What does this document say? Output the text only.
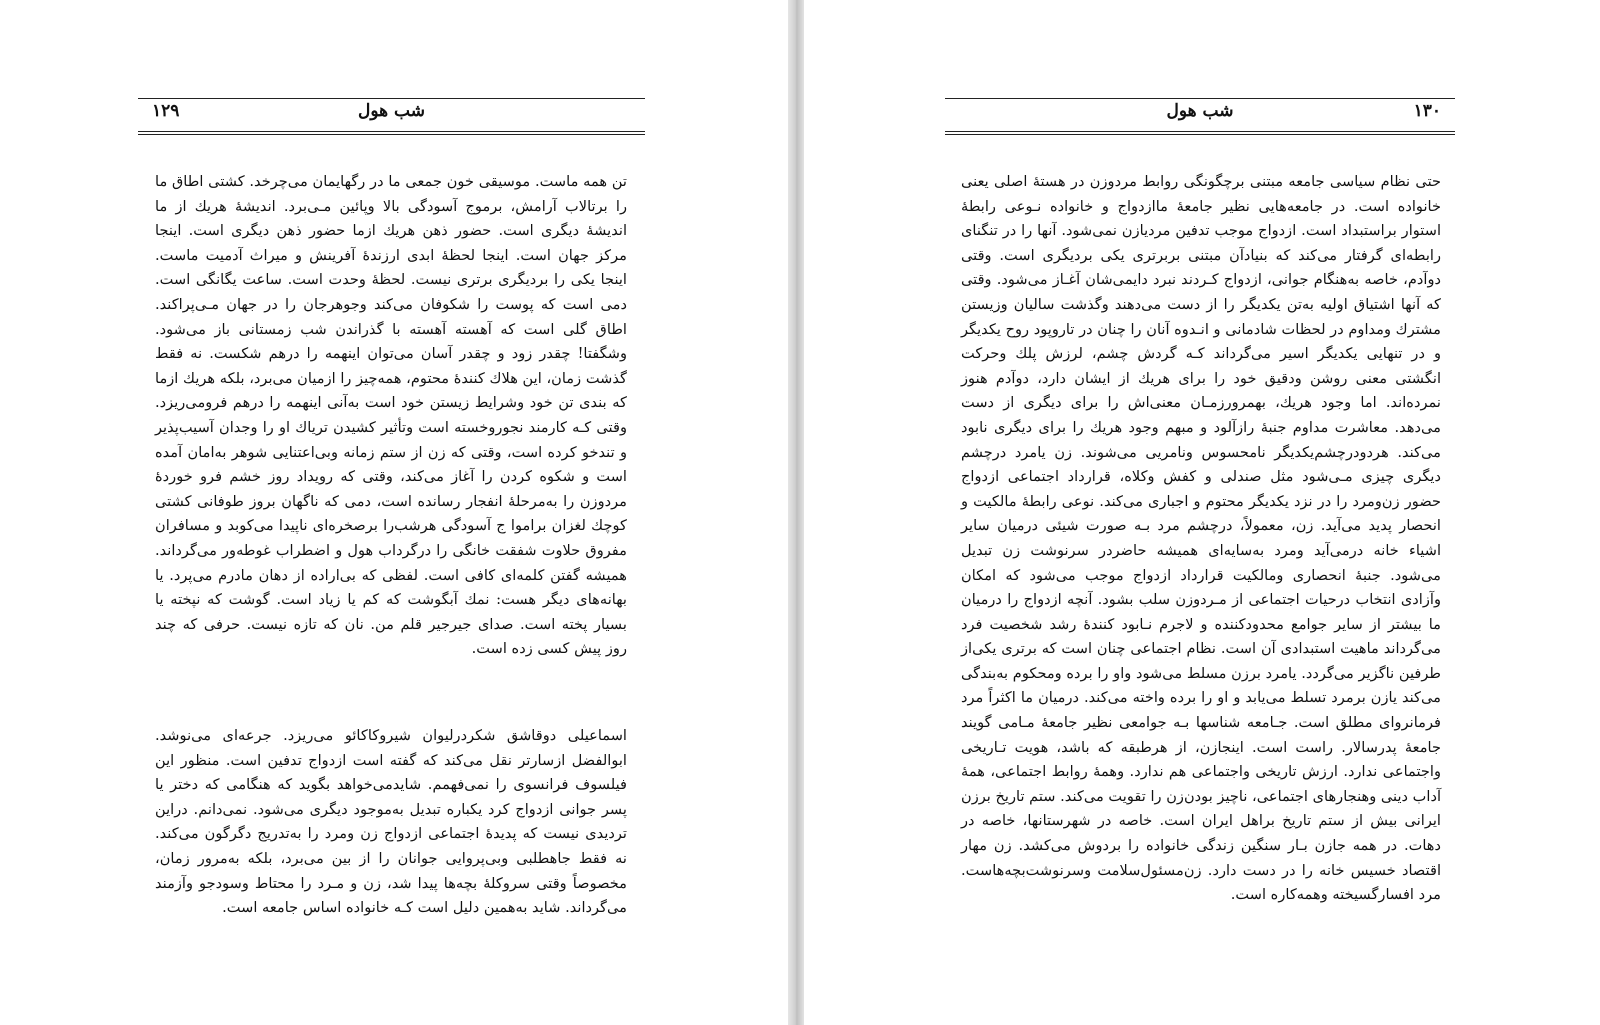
شب هول
۱۲۹

تن همه ماست. موسیقی خون جمعی ما در رگهایمان می‌چرخد. کشتی اطاق ما را برتالاب آرامش، برموج آسودگی بالا وپائین مـی‌برد. اندیشهٔ هریك از ما اندیشهٔ دیگری است. حضور ذهن هریك ازما حضور ذهن دیگری است. اینجا مرکز جهان است. اینجا لحظهٔ ابدی ارزندهٔ آفرینش و میراث آدمیت ماست. اینجا یکی را بردیگری برتری نیست. لحظهٔ وحدت است. ساعت یگانگی است. دمی است که پوست را شکوفان می‌کند وجوهرجان را در جهان مـی‌پراکند. اطاق گلی است که آهسته آهسته با گذراندن شب زمستانی باز می‌شود. وشگفتا! چقدر زود و چقدر آسان می‌توان اینهمه را درهم شکست. نه فقط گذشت زمان، این هلاك کنندهٔ محتوم، همه‌چیز را ازمیان می‌برد، بلکه هریك ازما که بندی تن خود وشرایط زیستن خود است به‌آنی اینهمه را درهم فرومی‌ریزد. وقتی کـه کارمند نجوروخسته است وتأثیر کشیدن تریاك او را وجدان آسیب‌پذیر و تندخو کرده است، وقتی که زن از ستم زمانه وبی‌اعتنایی شوهر به‌امان آمده است و شکوه کردن را آغاز می‌کند، وقتی که رویداد روز خشم فرو خوردهٔ مردوزن را به‌مرحلهٔ انفجار رسانده است، دمی که ناگهان بروز طوفانی کشتی کوچك لغزان براموا ج آسودگی هرشب‌را برصخره‌ای ناپیدا می‌کوبد و مسافران مفروق حلاوت شفقت خانگی را درگرداب هول و اضطراب غوطه‌ور می‌گرداند. همیشه گفتن کلمه‌ای کافی است. لفظی که بی‌اراده از دهان مادرم می‌پرد. یا بهانه‌های دیگر هست: نمك آبگوشت که کم یا زیاد است. گوشت که نپخته یا بسیار پخته است. صدای جیرجیر قلم من. نان که تازه نیست. حرفی که چند روز پیش کسی زده است.

اسماعیلی دوقاشق شکردرلیوان شیروکاکائو می‌ریزد. جرعه‌ای می‌نوشد. ابوالفضل ازسارتر نقل می‌کند که گفته است ازدواج تدفین است. منظور این فیلسوف فرانسوی را نمی‌فهمم. شایدمی‌خواهد بگوید که هنگامی که دختر یا پسر جوانی ازدواج کرد یکباره تبدیل به‌موجود دیگری می‌شود. نمی‌دانم. دراین تردیدی نیست که پدیدهٔ اجتماعی ازدواج زن ومرد را به‌تدریج دگرگون می‌کند. نه فقط جاهطلبی وبی‌پروایی جوانان را از بین می‌برد، بلکه به‌مرور زمان، مخصوصاً وقتی سروکلهٔ بچه‌ها پیدا شد، زن و مـرد را محتاط وسودجو وآزمند می‌گرداند. شاید به‌همین دلیل است کـه خانواده اساس جامعه است.

شب هول	۱۳۰

حتی نظام سیاسی جامعه مبتنی برچگونگی روابط مردوزن در هستهٔ اصلی یعنی خانواده است. در جامعه‌هایی نظیر جامعهٔ ماازدواج و خانواده نـوعی رابطهٔ استوار براستبداد است. ازدواج موجب تدفین مردیازن نمی‌شود. آنها را در تنگنای رابطه‌ای گرفتار می‌کند که بنیادآن مبتنی بربرتری یکی بردیگری است. وقتی دوآدم، خاصه به‌هنگام جوانی، ازدواج کـردند نبرد دایمی‌شان آغـاز می‌شود. وقتی که آنها اشتیاق اولیه به‌تن یکدیگر را از دست می‌دهند وگذشت سالیان وزیستن مشترك ومداوم در لحظات شادمانی و انـدوه آنان را چنان در تاروپود روح یکدیگر و در تنهایی یکدیگر اسیر می‌گرداند کـه گردش چشم، لرزش پلك وحرکت انگشتی معنی روشن ودقیق خود را برای هریك از ایشان دارد، دوآدم هنوز نمرده‌اند. اما وجود هریك، بهمرورزمـان معنی‌اش را برای دیگری از دست می‌دهد. معاشرت مداوم جنبهٔ رازآلود و مبهم وجود هریك را برای دیگری نابود می‌کند. هردودرچشم‌یکدیگر نامحسوس ونامریی می‌شوند. زن یامرد درچشم دیگری چیزی مـی‌شود مثل صندلی و کفش وکلاه، قرارداد اجتماعی ازدواج حضور زن‌ومرد را در نزد یکدیگر محتوم و اجباری می‌کند. نوعی رابطهٔ مالکیت و انحصار پدید می‌آید. زن، معمولاً، درچشم مرد بـه صورت شیئی درمیان سایر اشیاء خانه درمی‌آید ومرد به‌سایه‌ای همیشه حاضردر سرنوشت زن تبدیل می‌شود. جنبهٔ انحصاری ومالکیت قرارداد ازدواج موجب می‌شود که امکان وآزادی انتخاب درحیات اجتماعی از مـردوزن سلب بشود. آنچه ازدواج را درمیان ما بیشتر از سایر جوامع محدودکننده و لاجرم نـابود کنندهٔ رشد شخصیت فرد می‌گرداند ماهیت استبدادی آن است. نظام اجتماعی چنان است که برتری یکی‌از طرفین ناگزیر می‌گردد. یامرد برزن مسلط می‌شود واو را برده ومحکوم به‌بندگی می‌کند یازن برمرد تسلط می‌یابد و او را برده واخته می‌کند. درمیان ما اکثراً مرد فرمانروای مطلق است. جـامعه شناسها بـه جوامعی نظیر جامعهٔ مـامی گویند جامعهٔ پدرسالار. راست است. اینجازن، از هرطبقه که باشد، هویت تـاریخی واجتماعی ندارد. ارزش تاریخی واجتماعی هم ندارد. وهمهٔ روابط اجتماعی، همهٔ آداب دینی وهنجارهای اجتماعی، ناچیز بودن‌زن را تقویت می‌کند. ستم تاریخ برزن ایرانی بیش از ستم تاریخ براهل ایران است. خاصه در شهرستانها، خاصه در دهات. در همه جازن بـار سنگین زندگی خانواده را بردوش می‌کشد. زن مهار اقتصاد خسیس خانه را در دست دارد. زن‌مسئول‌سلامت وسرنوشت‌بچه‌هاست. مرد افسارگسیخته وهمه‌کاره است.
